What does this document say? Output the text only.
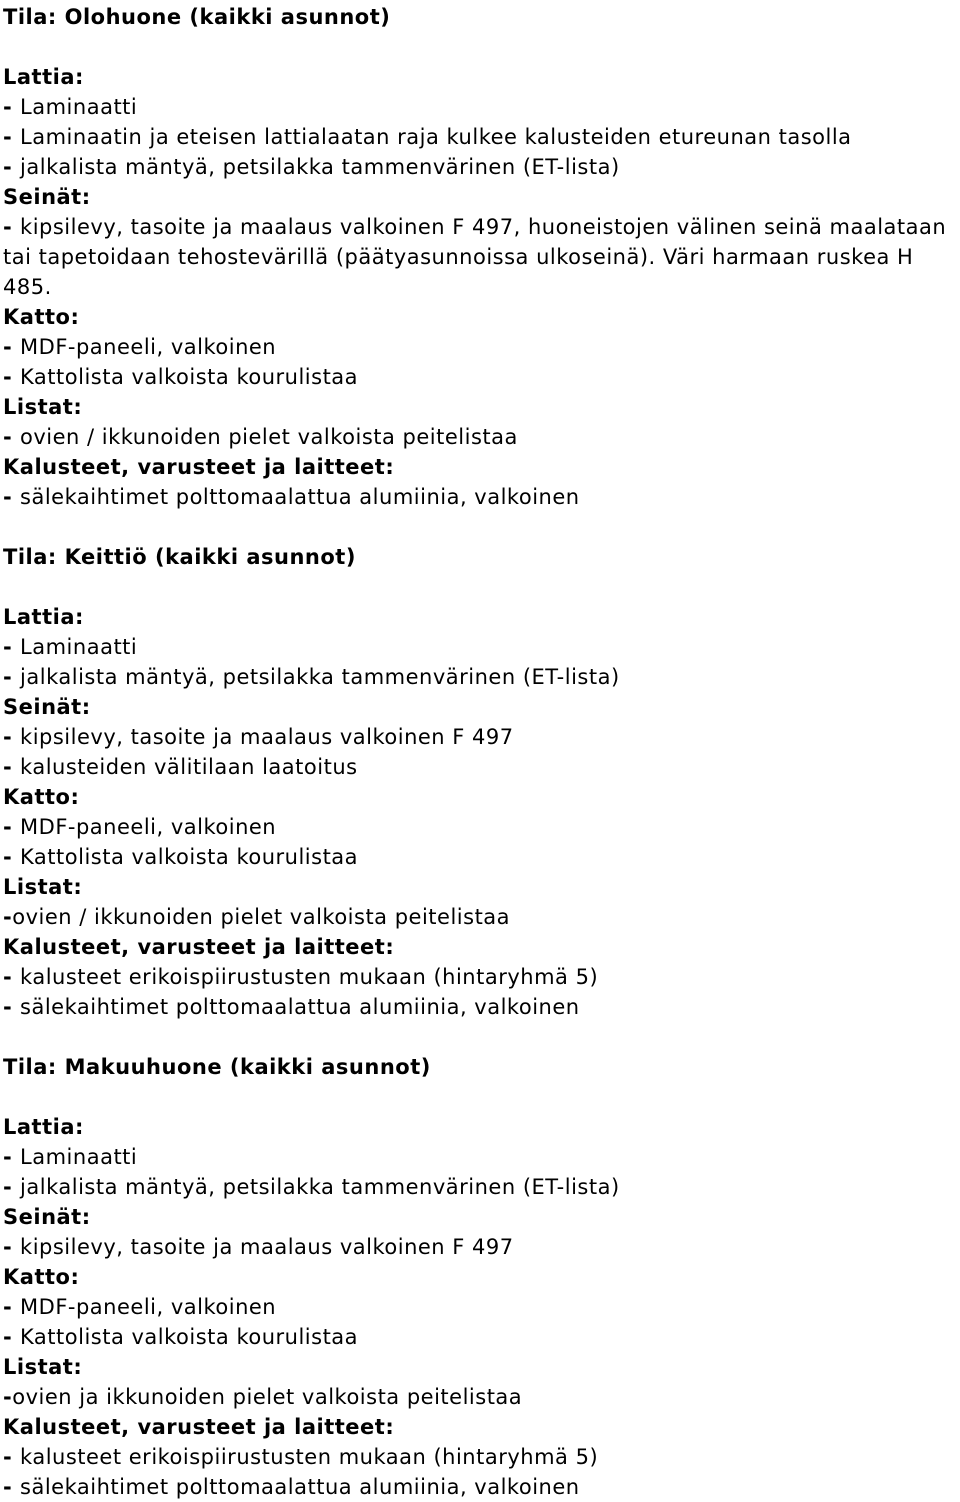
Tila: Olohuone (kaikki asunnot)
Lattia:
- Laminaatti
- Laminaatin ja eteisen lattialaatan raja kulkee kalusteiden etureunan tasolla
- jalkalista mäntyä, petsilakka tammenvärinen (ET-lista)
Seinät:
- kipsilevy, tasoite ja maalaus valkoinen F 497, huoneistojen välinen seinä maalataan tai tapetoidaan tehostevärillä (päätyasunnoissa ulkoseinä). Väri harmaan ruskea H 485.
Katto:
- MDF-paneeli, valkoinen
- Kattolista valkoista kourulistaa
Listat:
- ovien / ikkunoiden pielet valkoista peitelistaa
Kalusteet, varusteet ja laitteet:
- sälekaihtimet polttomaalattua alumiinia, valkoinen
Tila: Keittiö (kaikki asunnot)
Lattia:
- Laminaatti
- jalkalista mäntyä, petsilakka tammenvärinen (ET-lista)
Seinät:
- kipsilevy, tasoite ja maalaus valkoinen F 497
- kalusteiden välitilaan laatoitus
Katto:
- MDF-paneeli, valkoinen
- Kattolista valkoista kourulistaa
Listat:
-ovien / ikkunoiden pielet valkoista peitelistaa
Kalusteet, varusteet ja laitteet:
- kalusteet erikoispiirustusten mukaan (hintaryhmä 5)
- sälekaihtimet polttomaalattua alumiinia, valkoinen
Tila: Makuuhuone (kaikki asunnot)
Lattia:
- Laminaatti
- jalkalista mäntyä, petsilakka tammenvärinen (ET-lista)
Seinät:
- kipsilevy, tasoite ja maalaus valkoinen F 497
Katto:
- MDF-paneeli, valkoinen
- Kattolista valkoista kourulistaa
Listat:
-ovien ja ikkunoiden pielet valkoista peitelistaa
Kalusteet, varusteet ja laitteet:
- kalusteet erikoispiirustusten mukaan (hintaryhmä 5)
- sälekaihtimet polttomaalattua alumiinia, valkoinen
